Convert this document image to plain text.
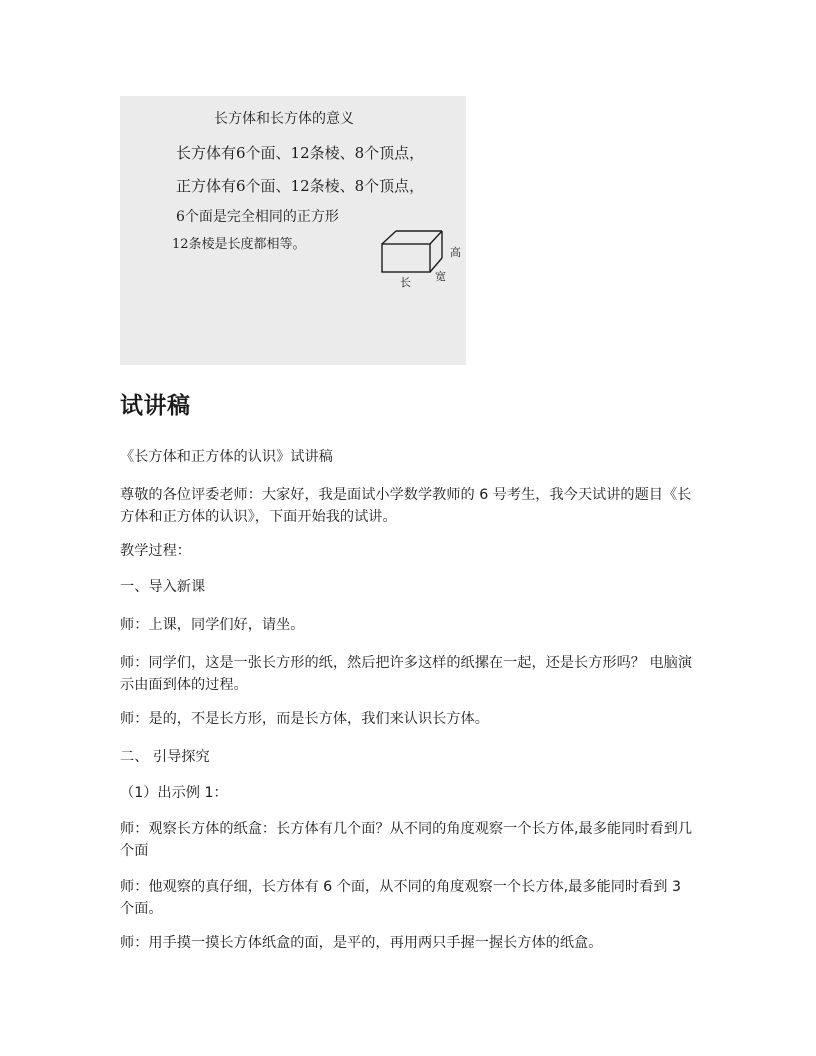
长方体和长方体的意义
长方体有6个面、12条棱、8个顶点，
正方体有6个面、12条棱、8个顶点，
6个面是完全相同的正方形
12条棱是长度都相等。
长 宽
高
试讲稿

《长方体和正方体的认识》试讲稿

尊敬的各位评委老师：大家好，我是面试小学数学教师的 6 号考生，我今天试讲的题目《长方体和正方体的认识》，下面开始我的试讲。

教学过程：

一、导入新课

师：上课，同学们好，请坐。

师：同学们，这是一张长方形的纸，然后把许多这样的纸摞在一起，还是长方形吗？ 电脑演示由面到体的过程。

师：是的，不是长方形，而是长方体，我们来认识长方体。

二、 引导探究

（1）出示例 1：

师：观察长方体的纸盒：长方体有几个面？从不同的角度观察一个长方体,最多能同时看到几个面

师：他观察的真仔细，长方体有 6 个面，从不同的角度观察一个长方体,最多能同时看到 3 个面。

师：用手摸一摸长方体纸盒的面，是平的，再用两只手握一握长方体的纸盒。
